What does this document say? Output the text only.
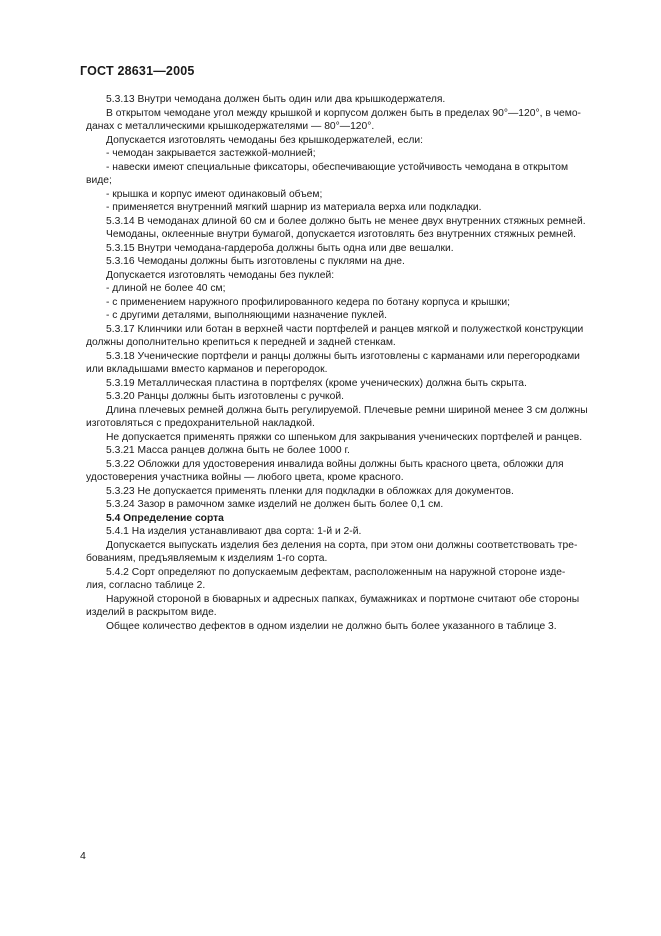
ГОСТ 28631—2005
5.3.13 Внутри чемодана должен быть один или два крышкодержателя.
В открытом чемодане угол между крышкой и корпусом должен быть в пределах 90°—120°, в чемо-
данах с металлическими крышкодержателями — 80°—120°.
Допускается изготовлять чемоданы без крышкодержателей, если:
- чемодан закрывается застежкой-молнией;
- навески имеют специальные фиксаторы, обеспечивающие устойчивость чемодана в открытом
виде;
- крышка и корпус имеют одинаковый объем;
- применяется внутренний мягкий шарнир из материала верха или подкладки.
5.3.14 В чемоданах длиной 60 см и более должно быть не менее двух внутренних стяжных ремней.
Чемоданы, оклеенные внутри бумагой, допускается изготовлять без внутренних стяжных ремней.
5.3.15 Внутри чемодана-гардероба должны быть одна или две вешалки.
5.3.16 Чемоданы должны быть изготовлены с пуклями на дне.
Допускается изготовлять чемоданы без пуклей:
- длиной не более 40 см;
- с применением наружного профилированного кедера по ботану корпуса и крышки;
- с другими деталями, выполняющими назначение пуклей.
5.3.17 Клинчики или ботан в верхней части портфелей и ранцев мягкой и полужесткой конструкции
должны дополнительно крепиться к передней и задней стенкам.
5.3.18 Ученические портфели и ранцы должны быть изготовлены с карманами или перегородками
или вкладышами вместо карманов и перегородок.
5.3.19 Металлическая пластина в портфелях (кроме ученических) должна быть скрыта.
5.3.20 Ранцы должны быть изготовлены с ручкой.
Длина плечевых ремней должна быть регулируемой. Плечевые ремни шириной менее 3 см должны
изготовляться с предохранительной накладкой.
Не допускается применять пряжки со шпеньком для закрывания ученических портфелей и ранцев.
5.3.21 Масса ранцев должна быть не более 1000 г.
5.3.22 Обложки для удостоверения инвалида войны должны быть красного цвета, обложки для
удостоверения участника войны — любого цвета, кроме красного.
5.3.23 Не допускается применять пленки для подкладки в обложках для документов.
5.3.24 Зазор в рамочном замке изделий не должен быть более 0,1 см.
5.4 Определение сорта
5.4.1 На изделия устанавливают два сорта: 1-й и 2-й.
Допускается выпускать изделия без деления на сорта, при этом они должны соответствовать тре-
бованиям, предъявляемым к изделиям 1-го сорта.
5.4.2 Сорт определяют по допускаемым дефектам, расположенным на наружной стороне изде-
лия, согласно таблице 2.
Наружной стороной в бюварных и адресных папках, бумажниках и портмоне считают обе стороны
изделий в раскрытом виде.
Общее количество дефектов в одном изделии не должно быть более указанного в таблице 3.
4
